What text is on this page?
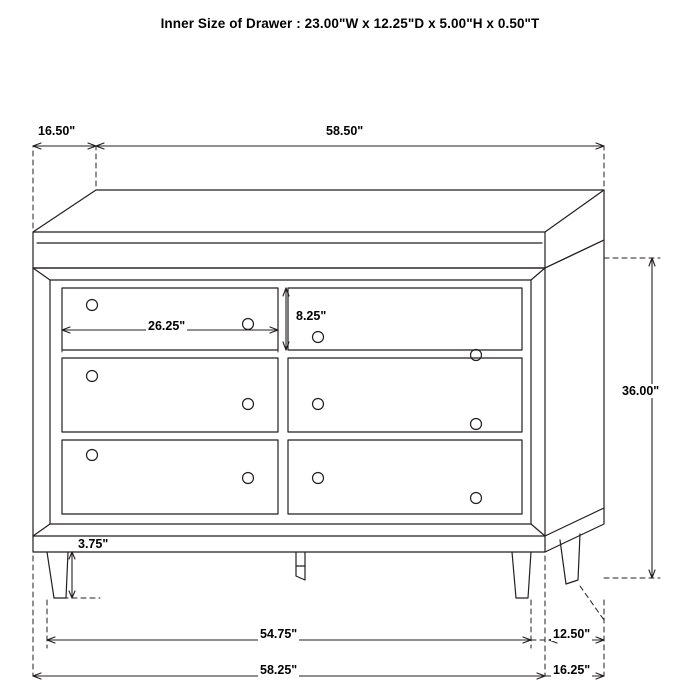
Inner Size of Drawer : 23.00"W x 12.25"D x 5.00"H x 0.50"T
16.50"	58.50"
26.25"
8.25"
36.00"
3.75"
54.75"
58.25"
12.50"
16.25"
